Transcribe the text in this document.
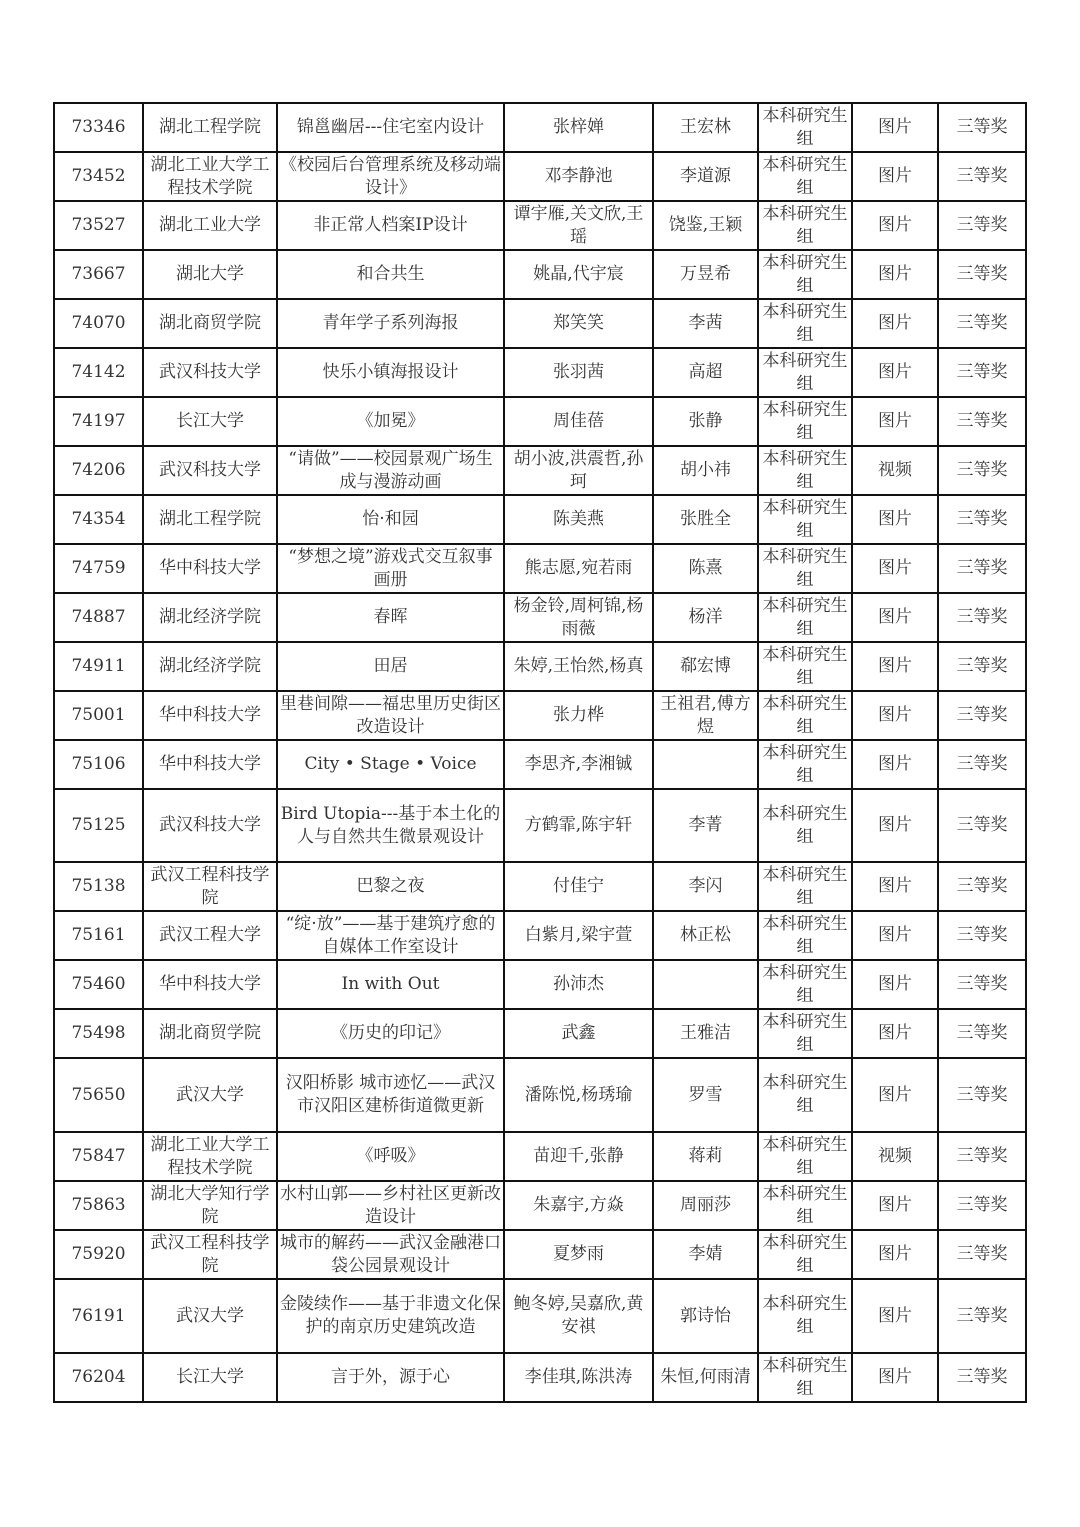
73346	湖北工程学院	锦邕幽居---住宅室内设计	张梓婵	王宏林	本科研究生组	图片	三等奖
73452	湖北工业大学工程技术学院	《校园后台管理系统及移动端设计》	邓李静池	李道源	本科研究生组	图片	三等奖
73527	湖北工业大学	非正常人档案IP设计	谭宇雁,关文欣,王瑶	饶鉴,王颖	本科研究生组	图片	三等奖
73667	湖北大学	和合共生	姚晶,代宇宸	万昱希	本科研究生组	图片	三等奖
74070	湖北商贸学院	青年学子系列海报	郑笑笑	李茜	本科研究生组	图片	三等奖
74142	武汉科技大学	快乐小镇海报设计	张羽茜	高超	本科研究生组	图片	三等奖
74197	长江大学	《加冕》	周佳蓓	张静	本科研究生组	图片	三等奖
74206	武汉科技大学	“请做”——校园景观广场生成与漫游动画	胡小波,洪震哲,孙珂	胡小祎	本科研究生组	视频	三等奖
74354	湖北工程学院	怡·和园	陈美燕	张胜全	本科研究生组	图片	三等奖
74759	华中科技大学	“梦想之境”游戏式交互叙事画册	熊志愿,宛若雨	陈熹	本科研究生组	图片	三等奖
74887	湖北经济学院	春晖	杨金铃,周柯锦,杨雨薇	杨洋	本科研究生组	图片	三等奖
74911	湖北经济学院	田居	朱婷,王怡然,杨真	郗宏博	本科研究生组	图片	三等奖
75001	华中科技大学	里巷间隙——福忠里历史街区改造设计	张力桦	王祖君,傅方煜	本科研究生组	图片	三等奖
75106	华中科技大学	City • Stage • Voice	李思齐,李湘铖		本科研究生组	图片	三等奖
75125	武汉科技大学	Bird Utopia---基于本土化的人与自然共生微景观设计	方鹤霏,陈宇轩	李菁	本科研究生组	图片	三等奖
75138	武汉工程科技学院	巴黎之夜	付佳宁	李闪	本科研究生组	图片	三等奖
75161	武汉工程大学	“绽·放”——基于建筑疗愈的自媒体工作室设计	白紫月,梁宇萱	林正松	本科研究生组	图片	三等奖
75460	华中科技大学	In with Out	孙沛杰		本科研究生组	图片	三等奖
75498	湖北商贸学院	《历史的印记》	武鑫	王雅洁	本科研究生组	图片	三等奖
75650	武汉大学	汉阳桥影 城市迹忆——武汉市汉阳区建桥街道微更新	潘陈悦,杨琇瑜	罗雪	本科研究生组	图片	三等奖
75847	湖北工业大学工程技术学院	《呼吸》	苗迎千,张静	蒋莉	本科研究生组	视频	三等奖
75863	湖北大学知行学院	水村山郭——乡村社区更新改造设计	朱嘉宇,方焱	周丽莎	本科研究生组	图片	三等奖
75920	武汉工程科技学院	城市的解药——武汉金融港口袋公园景观设计	夏梦雨	李婧	本科研究生组	图片	三等奖
76191	武汉大学	金陵续作——基于非遗文化保护的南京历史建筑改造	鲍冬婷,吴嘉欣,黄安祺	郭诗怡	本科研究生组	图片	三等奖
76204	长江大学	言于外，源于心	李佳琪,陈洪涛	朱恒,何雨清	本科研究生组	图片	三等奖
